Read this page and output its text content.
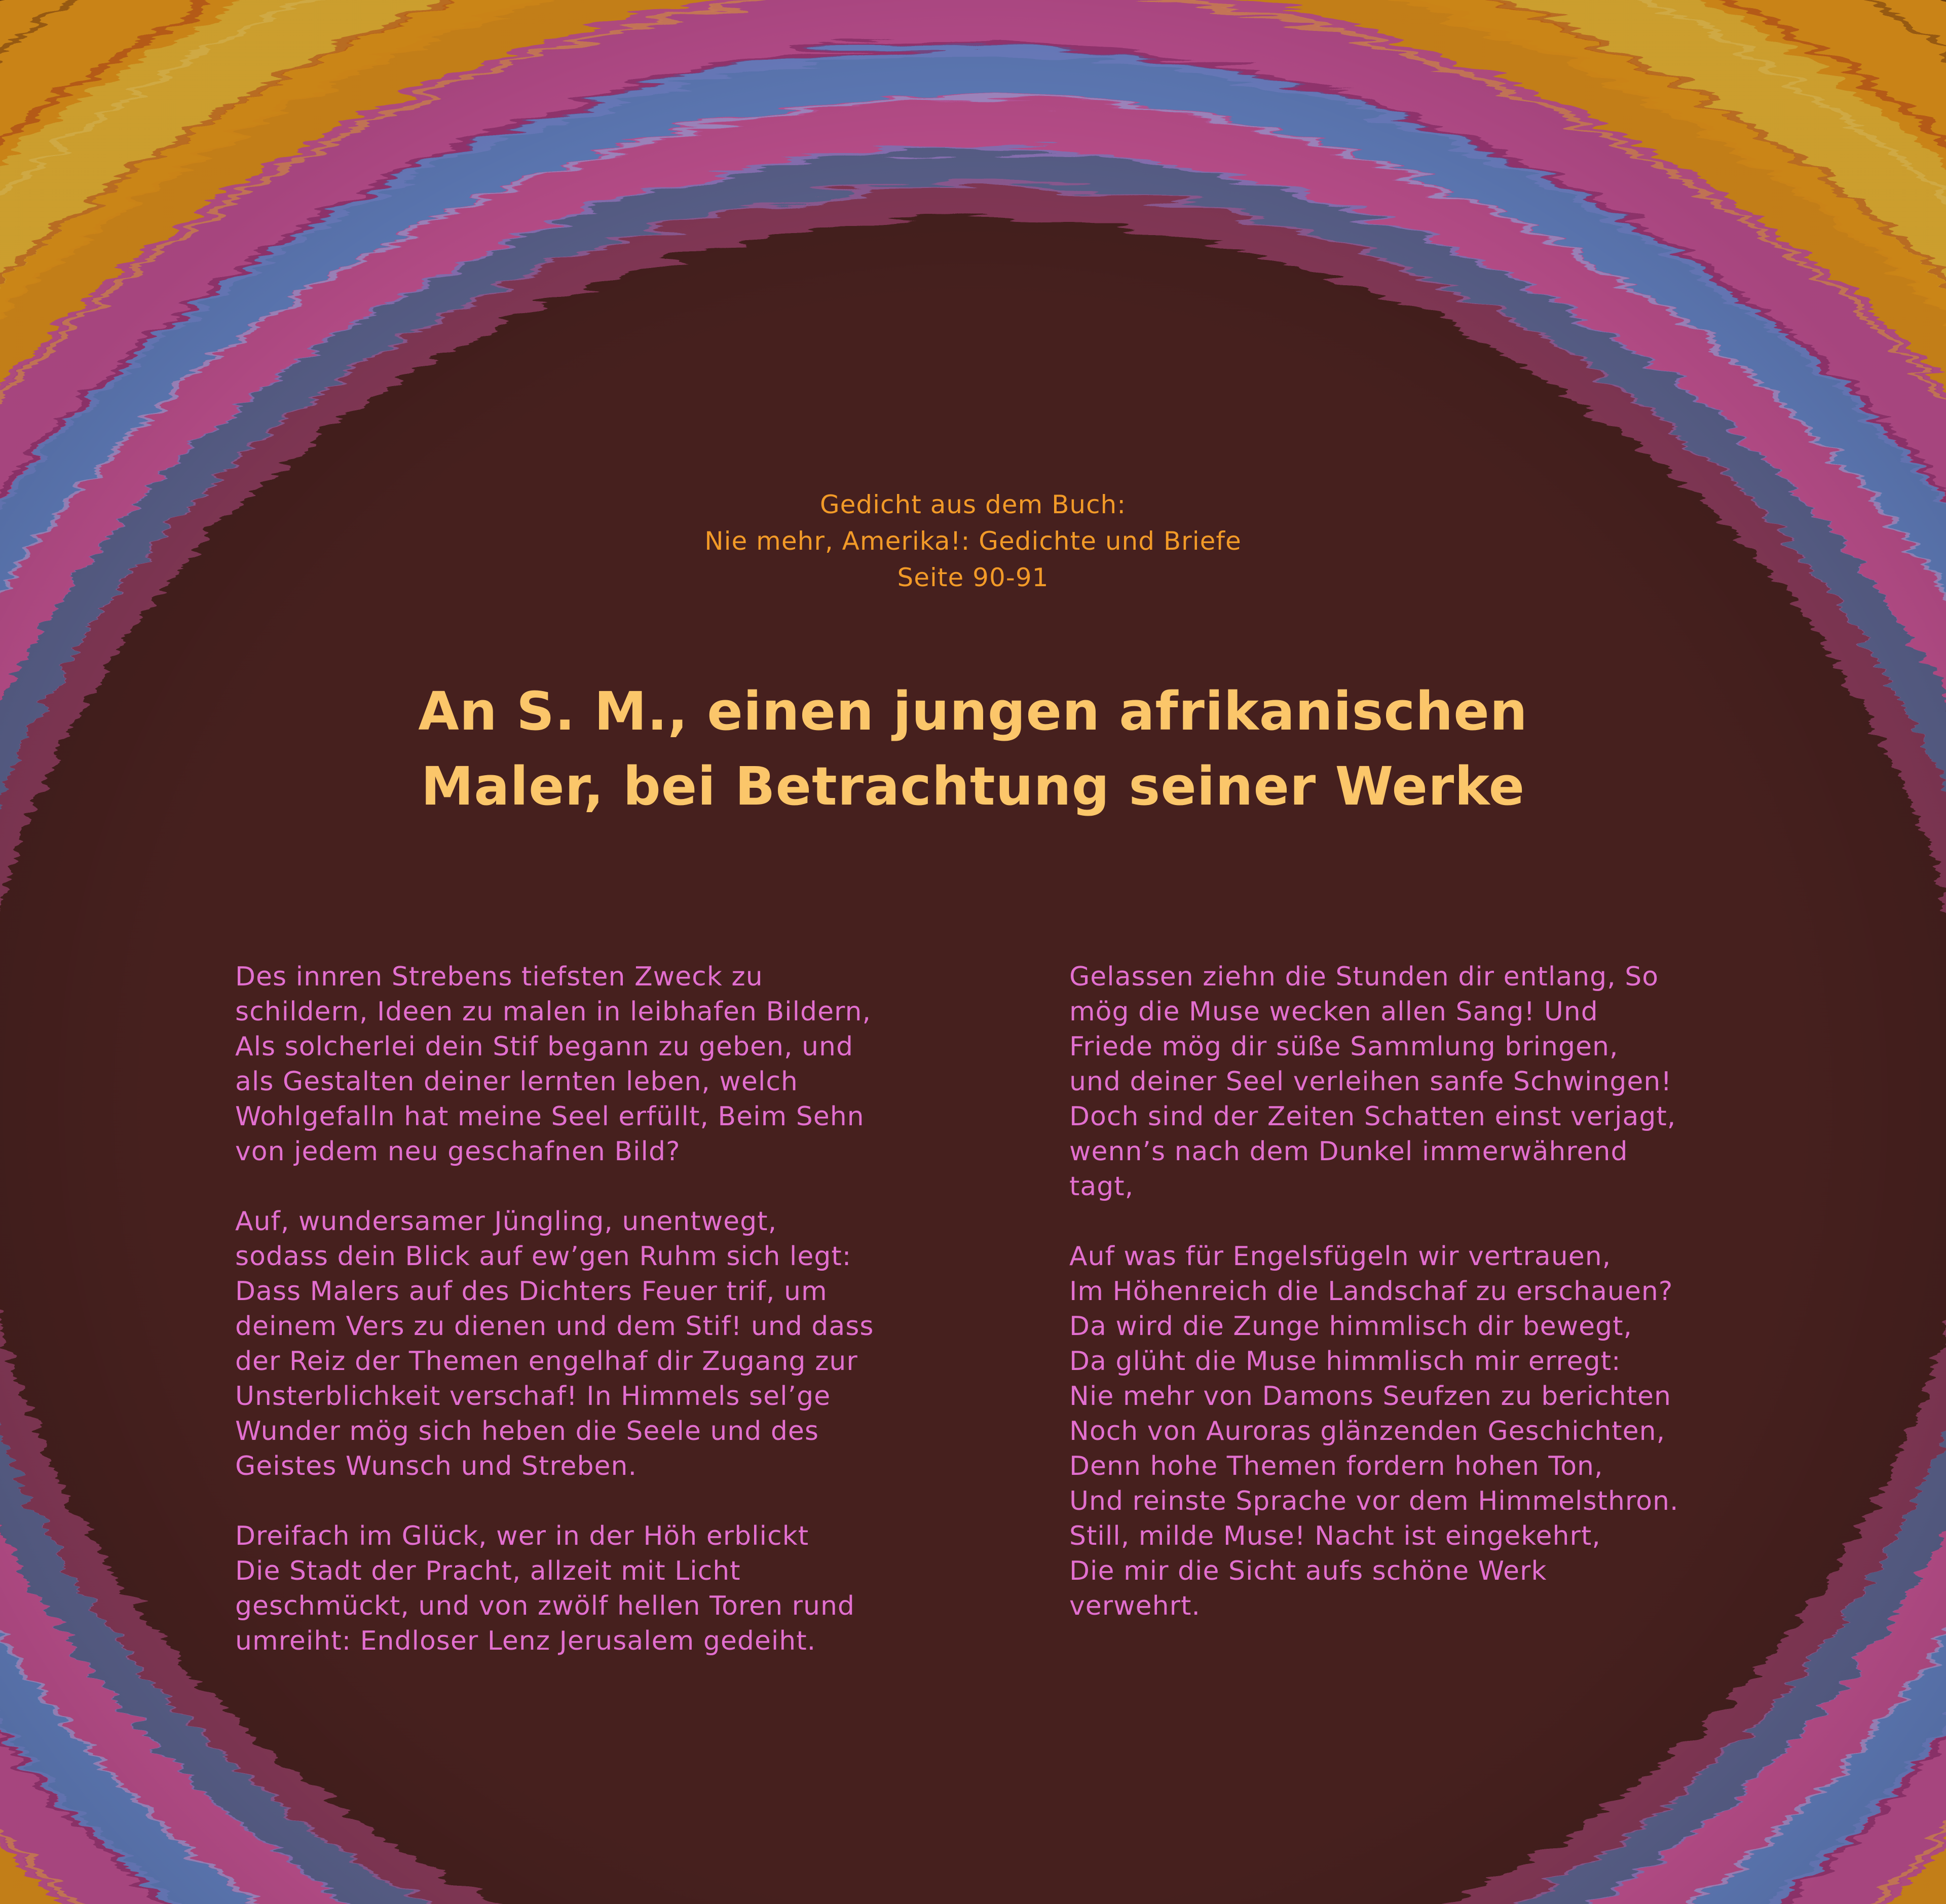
Gedicht aus dem Buch:
Nie mehr, Amerika!: Gedichte und Briefe
Seite 90-91
An S. M., einen jungen afrikanischen
Maler, bei Betrachtung seiner Werke
Des innren Strebens tiefsten Zweck zu
schildern, Ideen zu malen in leibhafen Bildern,
Als solcherlei dein Stif begann zu geben, und
als Gestalten deiner lernten leben, welch
Wohlgefalln hat meine Seel erfüllt, Beim Sehn
von jedem neu geschafnen Bild?
Auf, wundersamer Jüngling, unentwegt,
sodass dein Blick auf ew’gen Ruhm sich legt:
Dass Malers auf des Dichters Feuer trif, um
deinem Vers zu dienen und dem Stif! und dass
der Reiz der Themen engelhaf dir Zugang zur
Unsterblichkeit verschaf! In Himmels sel’ge
Wunder mög sich heben die Seele und des
Geistes Wunsch und Streben.
Dreifach im Glück, wer in der Höh erblickt
Die Stadt der Pracht, allzeit mit Licht
geschmückt, und von zwölf hellen Toren rund
umreiht: Endloser Lenz Jerusalem gedeiht.
Gelassen ziehn die Stunden dir entlang, So
mög die Muse wecken allen Sang! Und
Friede mög dir süße Sammlung bringen,
und deiner Seel verleihen sanfe Schwingen!
Doch sind der Zeiten Schatten einst verjagt,
wenn’s nach dem Dunkel immerwährend
tagt,
Auf was für Engelsfügeln wir vertrauen,
Im Höhenreich die Landschaf zu erschauen?
Da wird die Zunge himmlisch dir bewegt,
Da glüht die Muse himmlisch mir erregt:
Nie mehr von Damons Seufzen zu berichten
Noch von Auroras glänzenden Geschichten,
Denn hohe Themen fordern hohen Ton,
Und reinste Sprache vor dem Himmelsthron.
Still, milde Muse! Nacht ist eingekehrt,
Die mir die Sicht aufs schöne Werk
verwehrt.
